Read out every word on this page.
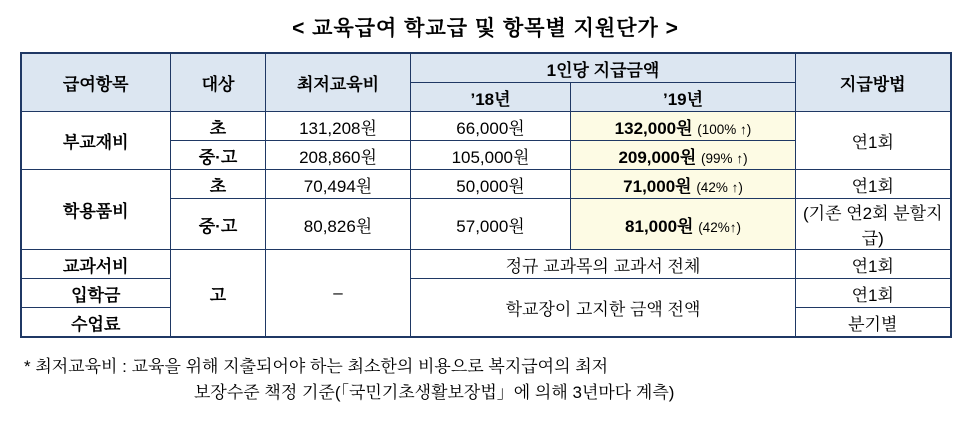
< 교육급여 학교급 및 항목별 지원단가 >
급여항목	대상	최저교육비	1인당 지급금액		지급방법
			’18년	’19년	
부교재비	초	131,208원	66,000원	132,000원 (100% ↑)	연1회
	중·고	208,860원	105,000원	209,000원 (99% ↑)	
학용품비	초	70,494원	50,000원	71,000원 (42% ↑)	연1회
	중·고	80,826원	57,000원	81,000원 (42%↑)	(기존 연2회 분할지급)
교과서비	고	–	정규 교과목의 교과서 전체		연1회
입학금			학교장이 고지한 금액 전액		연1회
수업료					분기별
* 최저교육비 : 교육을 위해 지출되어야 하는 최소한의 비용으로 복지급여의 최저
보장수준 책정 기준(「국민기초생활보장법」에 의해 3년마다 계측)
